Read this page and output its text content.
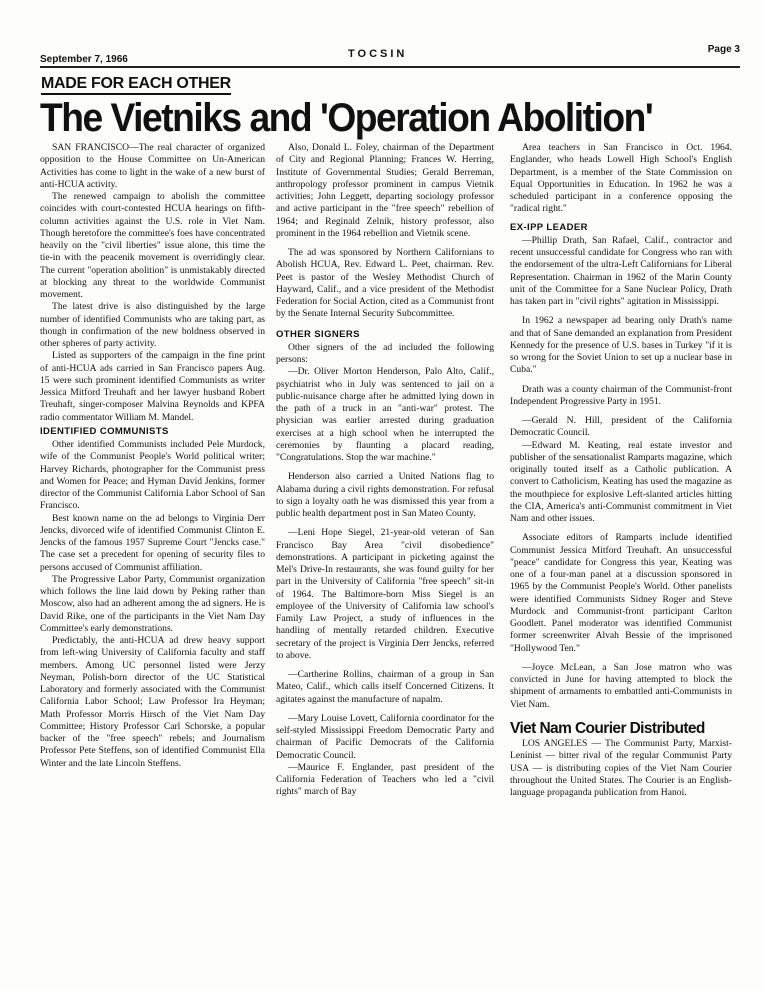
September 7, 1966	TOCSIN	Page 3
MADE FOR EACH OTHER
The Vietniks and 'Operation Abolition'

SAN FRANCISCO—The real character of organized opposition to the House Committee on Un-American Activities has come to light in the wake of a new burst of anti-HCUA activity.

The renewed campaign to abolish the committee coincides with court-contested HCUA hearings on fifth-column activities against the U.S. role in Viet Nam. Though heretofore the committee's foes have concentrated heavily on the "civil liberties" issue alone, this time the tie-in with the peacenik movement is overridingly clear. The current "operation abolition" is unmistakably directed at blocking any threat to the worldwide Communist movement.

The latest drive is also distinguished by the large number of identified Communists who are taking part, as though in confirmation of the new boldness observed in other spheres of party activity.

Listed as supporters of the campaign in the fine print of anti-HCUA ads carried in San Francisco papers Aug. 15 were such prominent identified Communists as writer Jessica Mitford Treuhaft and her lawyer husband Robert Treuhaft, singer-composer Malvina Reynolds and KPFA radio commentator William M. Mandel.

IDENTIFIED COMMUNISTS

Other identified Communists included Pele Murdock, wife of the Communist People's World political writer; Harvey Richards, photographer for the Communist press and Women for Peace; and Hyman David Jenkins, former director of the Communist California Labor School of San Francisco.

Best known name on the ad belongs to Virginia Derr Jencks, divorced wife of identified Communist Clinton E. Jencks of the famous 1957 Supreme Court "Jencks case." The case set a precedent for opening of security files to persons accused of Communist affiliation.

The Progressive Labor Party, Communist organization which follows the line laid down by Peking rather than Moscow, also had an adherent among the ad signers. He is David Rike, one of the participants in the Viet Nam Day Committee's early demonstrations.

Predictably, the anti-HCUA ad drew heavy support from left-wing University of California faculty and staff members. Among UC personnel listed were Jerzy Neyman, Polish-born director of the UC Statistical Laboratory and formerly associated with the Communist California Labor School; Law Professor Ira Heyman; Math Professor Morris Hirsch of the Viet Nam Day Committee; History Professor Carl Schorske, a popular backer of the "free speech" rebels; and Journalism Professor Pete Steffens, son of identified Communist Ella Winter and the late Lincoln Steffens.

Also, Donald L. Foley, chairman of the Department of City and Regional Planning; Frances W. Herring, Institute of Governmental Studies; Gerald Berreman, anthropology professor prominent in campus Vietnik activities; John Leggett, departing sociology professor and active participant in the "free speech" rebellion of 1964; and Reginald Zelnik, history professor, also prominent in the 1964 rebellion and Vietnik scene.

The ad was sponsored by Northern Californians to Abolish HCUA, Rev. Edward L. Peet, chairman. Rev. Peet is pastor of the Wesley Methodist Church of Hayward, Calif., and a vice president of the Methodist Federation for Social Action, cited as a Communist front by the Senate Internal Security Subcommittee.

OTHER SIGNERS

Other signers of the ad included the following persons:

—Dr. Oliver Morton Henderson, Palo Alto, Calif., psychiatrist who in July was sentenced to jail on a public-nuisance charge after he admitted lying down in the path of a truck in an "anti-war" protest. The physician was earlier arrested during graduation exercises at a high school when he interrupted the ceremonies by flaunting a placard reading, "Congratulations. Stop the war machine."

Henderson also carried a United Nations flag to Alabama during a civil rights demonstration. For refusal to sign a loyalty oath he was dismissed this year from a public health department post in San Mateo County.

—Leni Hope Siegel, 21-year-old veteran of San Francisco Bay Area "civil disobedience" demonstrations. A participant in picketing against the Mel's Drive-In restaurants, she was found guilty for her part in the University of California "free speech" sit-in of 1964. The Baltimore-born Miss Siegel is an employee of the University of California law school's Family Law Project, a study of influences in the handling of mentally retarded children. Executive secretary of the project is Virginia Derr Jencks, referred to above.

—Cartherine Rollins, chairman of a group in San Mateo, Calif., which calls itself Concerned Citizens. It agitates against the manufacture of napalm.

—Mary Louise Lovett, California coordinator for the self-styled Mississippi Freedom Democratic Party and chairman of Pacific Democrats of the California Democratic Council.

—Maurice F. Englander, past president of the California Federation of Teachers who led a "civil rights" march of Bay

Area teachers in San Francisco in Oct. 1964. Englander, who heads Lowell High School's English Department, is a member of the State Commission on Equal Opportunities in Education. In 1962 he was a scheduled participant in a conference opposing the "radical right."

EX-IPP LEADER

—Phillip Drath, San Rafael, Calif., contractor and recent unsuccessful candidate for Congress who ran with the endorsement of the ultra-Left Californians for Liberal Representation. Chairman in 1962 of the Marin County unit of the Committee for a Sane Nuclear Policy, Drath has taken part in "civil rights" agitation in Mississippi.

In 1962 a newspaper ad bearing only Drath's name and that of Sane demanded an explanation from President Kennedy for the presence of U.S. bases in Turkey "if it is so wrong for the Soviet Union to set up a nuclear base in Cuba."

Drath was a county chairman of the Communist-front Independent Progressive Party in 1951.

—Gerald N. Hill, president of the California Democratic Council.

—Edward M. Keating, real estate investor and publisher of the sensationalist Ramparts magazine, which originally touted itself as a Catholic publication. A convert to Catholicism, Keating has used the magazine as the mouthpiece for explosive Left-slanted articles hitting the CIA, America's anti-Communist commitment in Viet Nam and other issues.

Associate editors of Ramparts include identified Communist Jessica Mitford Treuhaft. An unsuccessful "peace" candidate for Congress this year, Keating was one of a four-man panel at a discussion sponsored in 1965 by the Communist People's World. Other panelists were identified Communists Sidney Roger and Steve Murdock and Communist-front participant Carlton Goodlett. Panel moderator was identified Communist former screenwriter Alvah Bessie of the imprisoned "Hollywood Ten."

—Joyce McLean, a San Jose matron who was convicted in June for having attempted to block the shipment of armaments to embattled anti-Communists in Viet Nam.

Viet Nam Courier Distributed

LOS ANGELES — The Communist Party, Marxist-Leninist — bitter rival of the regular Communist Party USA — is distributing copies of the Viet Nam Courier throughout the United States. The Courier is an English-language propaganda publication from Hanoi.
